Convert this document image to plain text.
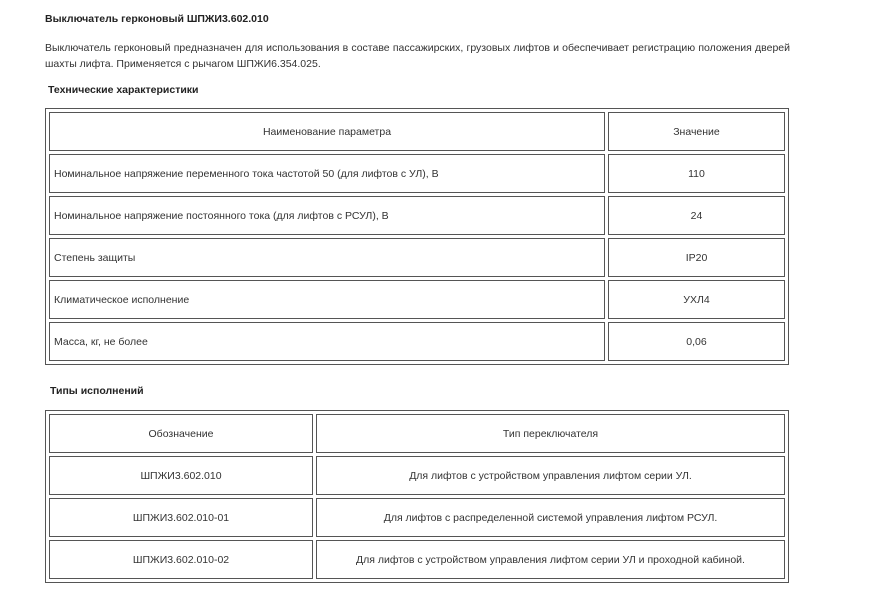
Выключатель герконовый ШПЖИ3.602.010
Выключатель герконовый предназначен для использования в составе пассажирских, грузовых лифтов и обеспечивает регистрацию положения дверей шахты лифта. Применяется с рычагом ШПЖИ6.354.025.
Технические характеристики
Наименование параметра	Значение
Номинальное напряжение переменного тока частотой 50 (для лифтов с УЛ), В	110
Номинальное напряжение постоянного тока (для лифтов с РСУЛ), В	24
Степень защиты	IP20
Климатическое исполнение	УХЛ4
Масса, кг, не более	0,06
Типы исполнений
Обозначение	Тип переключателя
ШПЖИ3.602.010	Для лифтов с устройством управления лифтом серии УЛ.
ШПЖИ3.602.010-01	Для лифтов с распределенной системой управления лифтом РСУЛ.
ШПЖИ3.602.010-02	Для лифтов с устройством управления лифтом серии УЛ и проходной кабиной.
